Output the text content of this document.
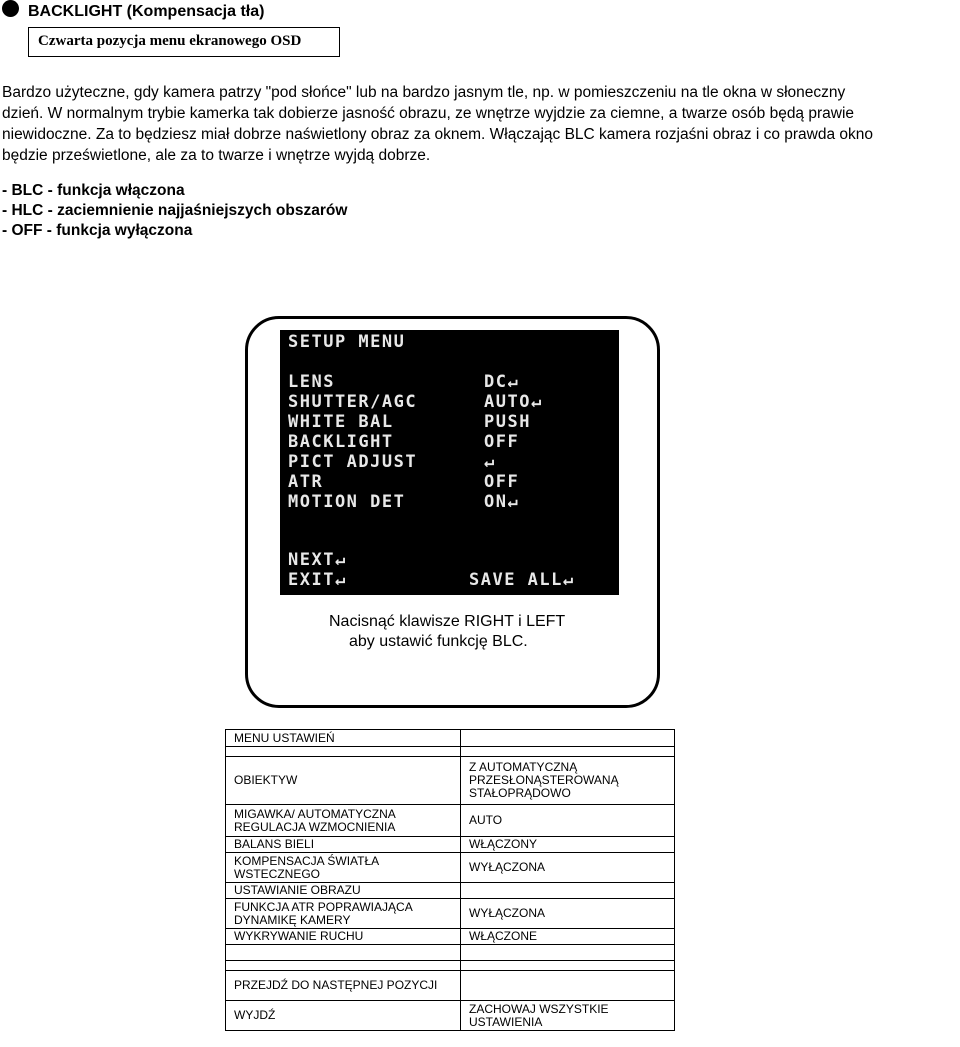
BACKLIGHT (Kompensacja tła)
Czwarta pozycja menu ekranowego OSD
Bardzo użyteczne, gdy kamera patrzy "pod słońce" lub na bardzo jasnym tle, np. w pomieszczeniu na tle okna w słoneczny
dzień. W normalnym trybie kamerka tak dobierze jasność obrazu, ze wnętrze wyjdzie za ciemne, a twarze osób będą prawie
niewidoczne. Za to będziesz miał dobrze naświetlony obraz za oknem. Włączając BLC kamera rozjaśni obraz i co prawda okno
będzie prześwietlone, ale za to twarze i wnętrze wyjdą dobrze.
- BLC - funkcja włączona
- HLC - zaciemnienie najjaśniejszych obszarów
- OFF - funkcja wyłączona
SETUP MENU
LENS	DC↵
SHUTTER/AGC	AUTO↵
WHITE BAL	PUSH
BACKLIGHT	OFF
PICT ADJUST	↵
ATR	OFF
MOTION DET	ON↵
NEXT↵
EXIT↵	SAVE ALL↵
Nacisnąć klawisze RIGHT i LEFT
aby ustawić funkcję BLC.
MENU USTAWIEŃ	

OBIEKTYW	Z AUTOMATYCZNĄ PRZESŁONĄSTEROWANĄ STAŁOPRĄDOWO
MIGAWKA/ AUTOMATYCZNA REGULACJA WZMOCNIENIA	AUTO
BALANS BIELI	WŁĄCZONY
KOMPENSACJA ŚWIATŁA WSTECZNEGO	WYŁĄCZONA
USTAWIANIE OBRAZU	
FUNKCJA ATR POPRAWIAJĄCA DYNAMIKĘ KAMERY	WYŁĄCZONA
WYKRYWANIE RUCHU	WŁĄCZONE

PRZEJDŹ DO NASTĘPNEJ POZYCJI	
WYJDŹ	ZACHOWAJ WSZYSTKIE USTAWIENIA
